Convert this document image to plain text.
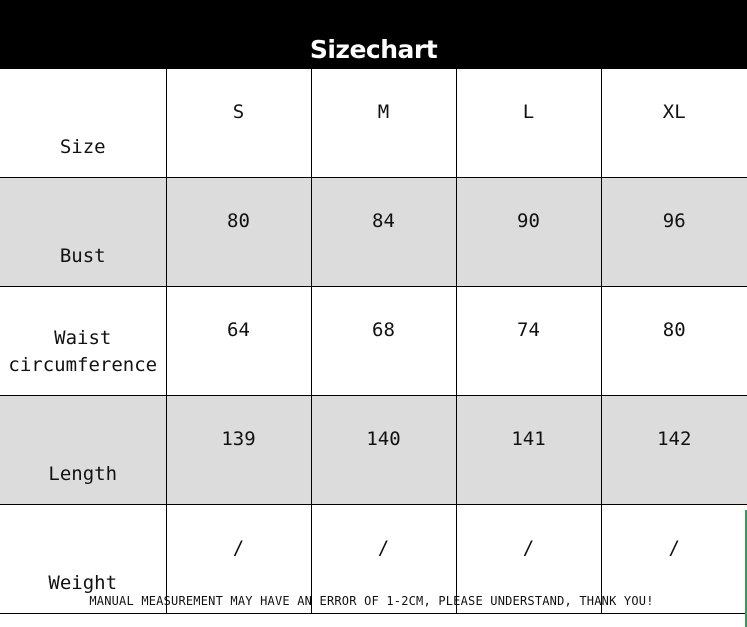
Sizechart
Size	S	M	L	XL
Bust	80	84	90	96
Waist circumference	64	68	74	80
Length	139	140	141	142
Weight	/	/	/	/
MANUAL MEASUREMENT MAY HAVE AN ERROR OF 1-2CM, PLEASE UNDERSTAND, THANK YOU!
